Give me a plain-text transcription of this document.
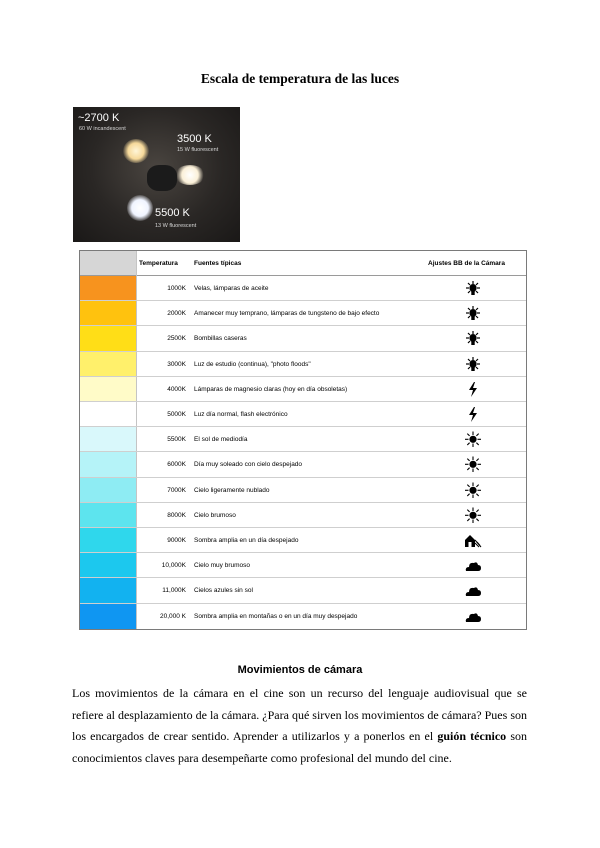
Escala de temperatura de las luces
~2700 K
60 W incandescent
3500 K
15 W fluorescent
5500 K
13 W fluorescent
Temperatura Fuentes típicas	Ajustes BB de la Cámara
1000K Velas, lámparas de aceite
2000K Amanecer muy temprano, lámparas de tungsteno de bajo efecto
2500K Bombillas caseras
3000K Luz de estudio (continua), "photo floods"
4000K Lámparas de magnesio claras (hoy en día obsoletas)
5000K Luz día normal, flash electrónico
5500K El sol de mediodía
6000K Día muy soleado con cielo despejado
7000K Cielo ligeramente nublado
8000K Cielo brumoso
9000K Sombra amplia en un día despejado
10,000K Cielo muy brumoso
11,000K Cielos azules sin sol
20,000 K Sombra amplia en montañas o en un día muy despejado
Movimientos de cámara
Los movimientos de la cámara en el cine son un recurso del lenguaje audiovisual que se refiere al desplazamiento de la cámara. ¿Para qué sirven los movimientos de cámara? Pues son los encargados de crear sentido. Aprender a utilizarlos y a ponerlos en el guión técnico son conocimientos claves para desempeñarte como profesional del mundo del cine.
